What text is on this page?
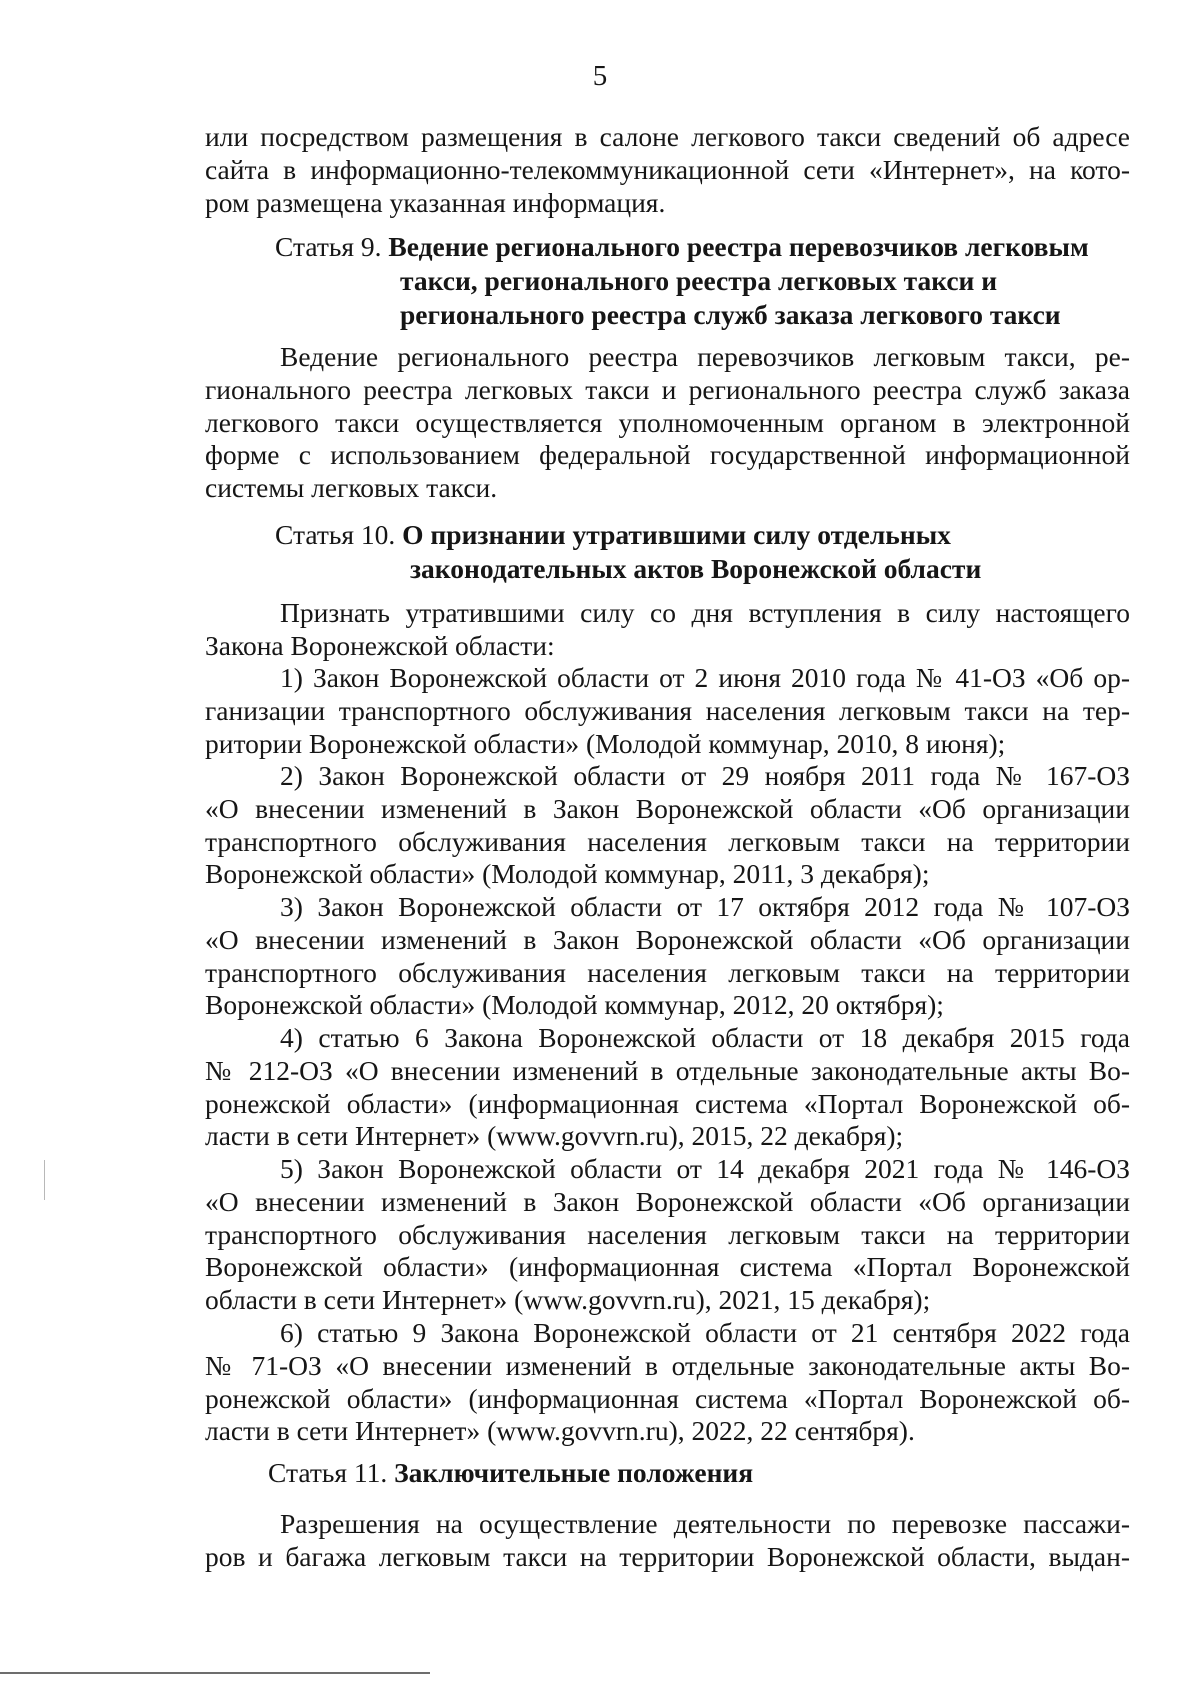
5
или посредством размещения в салоне легкового такси сведений об адресе
сайта в информационно-телекоммуникационной сети «Интернет», на кото-
ром размещена указанная информация.
Статья 9. Ведение регионального реестра перевозчиков легковым
такси, регионального реестра легковых такси и
регионального реестра служб заказа легкового такси
Ведение регионального реестра перевозчиков легковым такси, ре-
гионального реестра легковых такси и регионального реестра служб заказа
легкового такси осуществляется уполномоченным органом в электронной
форме с использованием федеральной государственной информационной
системы легковых такси.
Статья 10. О признании утратившими силу отдельных
законодательных актов Воронежской области
Признать утратившими силу со дня вступления в силу настоящего
Закона Воронежской области:
1) Закон Воронежской области от 2 июня 2010 года № 41-ОЗ «Об ор-
ганизации транспортного обслуживания населения легковым такси на тер-
ритории Воронежской области» (Молодой коммунар, 2010, 8 июня);
2) Закон Воронежской области от 29 ноября 2011 года № 167-ОЗ
«О внесении изменений в Закон Воронежской области «Об организации
транспортного обслуживания населения легковым такси на территории
Воронежской области» (Молодой коммунар, 2011, 3 декабря);
3) Закон Воронежской области от 17 октября 2012 года № 107-ОЗ
«О внесении изменений в Закон Воронежской области «Об организации
транспортного обслуживания населения легковым такси на территории
Воронежской области» (Молодой коммунар, 2012, 20 октября);
4) статью 6 Закона Воронежской области от 18 декабря 2015 года
№ 212-ОЗ «О внесении изменений в отдельные законодательные акты Во-
ронежской области» (информационная система «Портал Воронежской об-
ласти в сети Интернет» (www.govvrn.ru), 2015, 22 декабря);
5) Закон Воронежской области от 14 декабря 2021 года № 146-ОЗ
«О внесении изменений в Закон Воронежской области «Об организации
транспортного обслуживания населения легковым такси на территории
Воронежской области» (информационная система «Портал Воронежской
области в сети Интернет» (www.govvrn.ru), 2021, 15 декабря);
6) статью 9 Закона Воронежской области от 21 сентября 2022 года
№ 71-ОЗ «О внесении изменений в отдельные законодательные акты Во-
ронежской области» (информационная система «Портал Воронежской об-
ласти в сети Интернет» (www.govvrn.ru), 2022, 22 сентября).
Статья 11. Заключительные положения
Разрешения на осуществление деятельности по перевозке пассажи-
ров и багажа легковым такси на территории Воронежской области, выдан-
